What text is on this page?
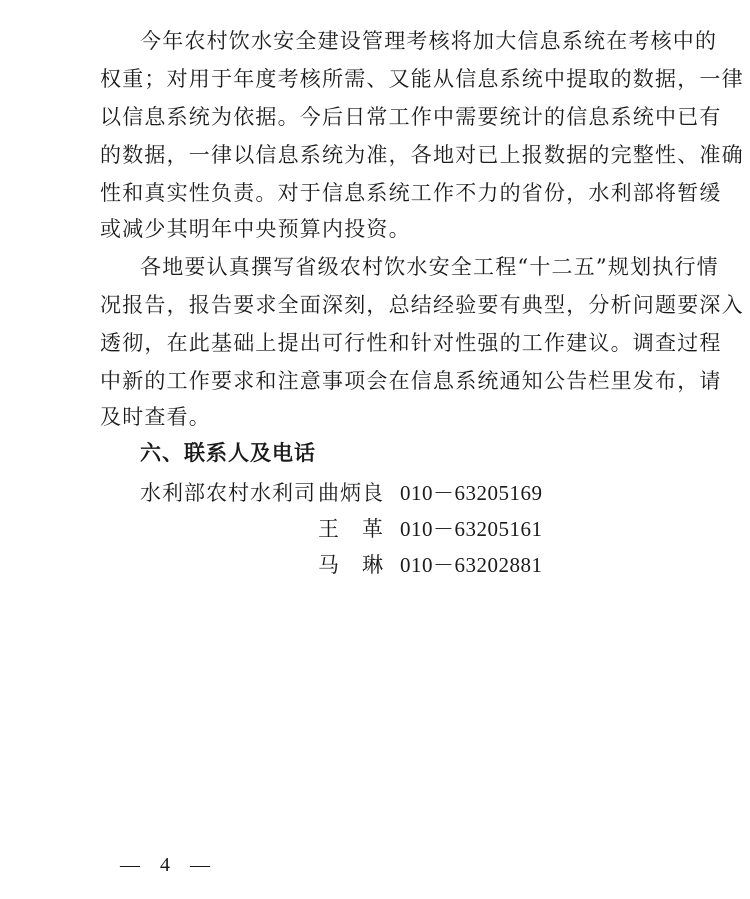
今年农村饮水安全建设管理考核将加大信息系统在考核中的
权重；对用于年度考核所需、又能从信息系统中提取的数据，一律
以信息系统为依据。今后日常工作中需要统计的信息系统中已有
的数据，一律以信息系统为准，各地对已上报数据的完整性、准确
性和真实性负责。对于信息系统工作不力的省份，水利部将暂缓
或减少其明年中央预算内投资。
各地要认真撰写省级农村饮水安全工程“十二五”规划执行情
况报告，报告要求全面深刻，总结经验要有典型，分析问题要深入
透彻，在此基础上提出可行性和针对性强的工作建议。调查过程
中新的工作要求和注意事项会在信息系统通知公告栏里发布，请
及时查看。
六、联系人及电话
水利部农村水利司 曲炳良 010－63205169
王　革 010－63205161
马　琳 010－63202881
—　4　—
